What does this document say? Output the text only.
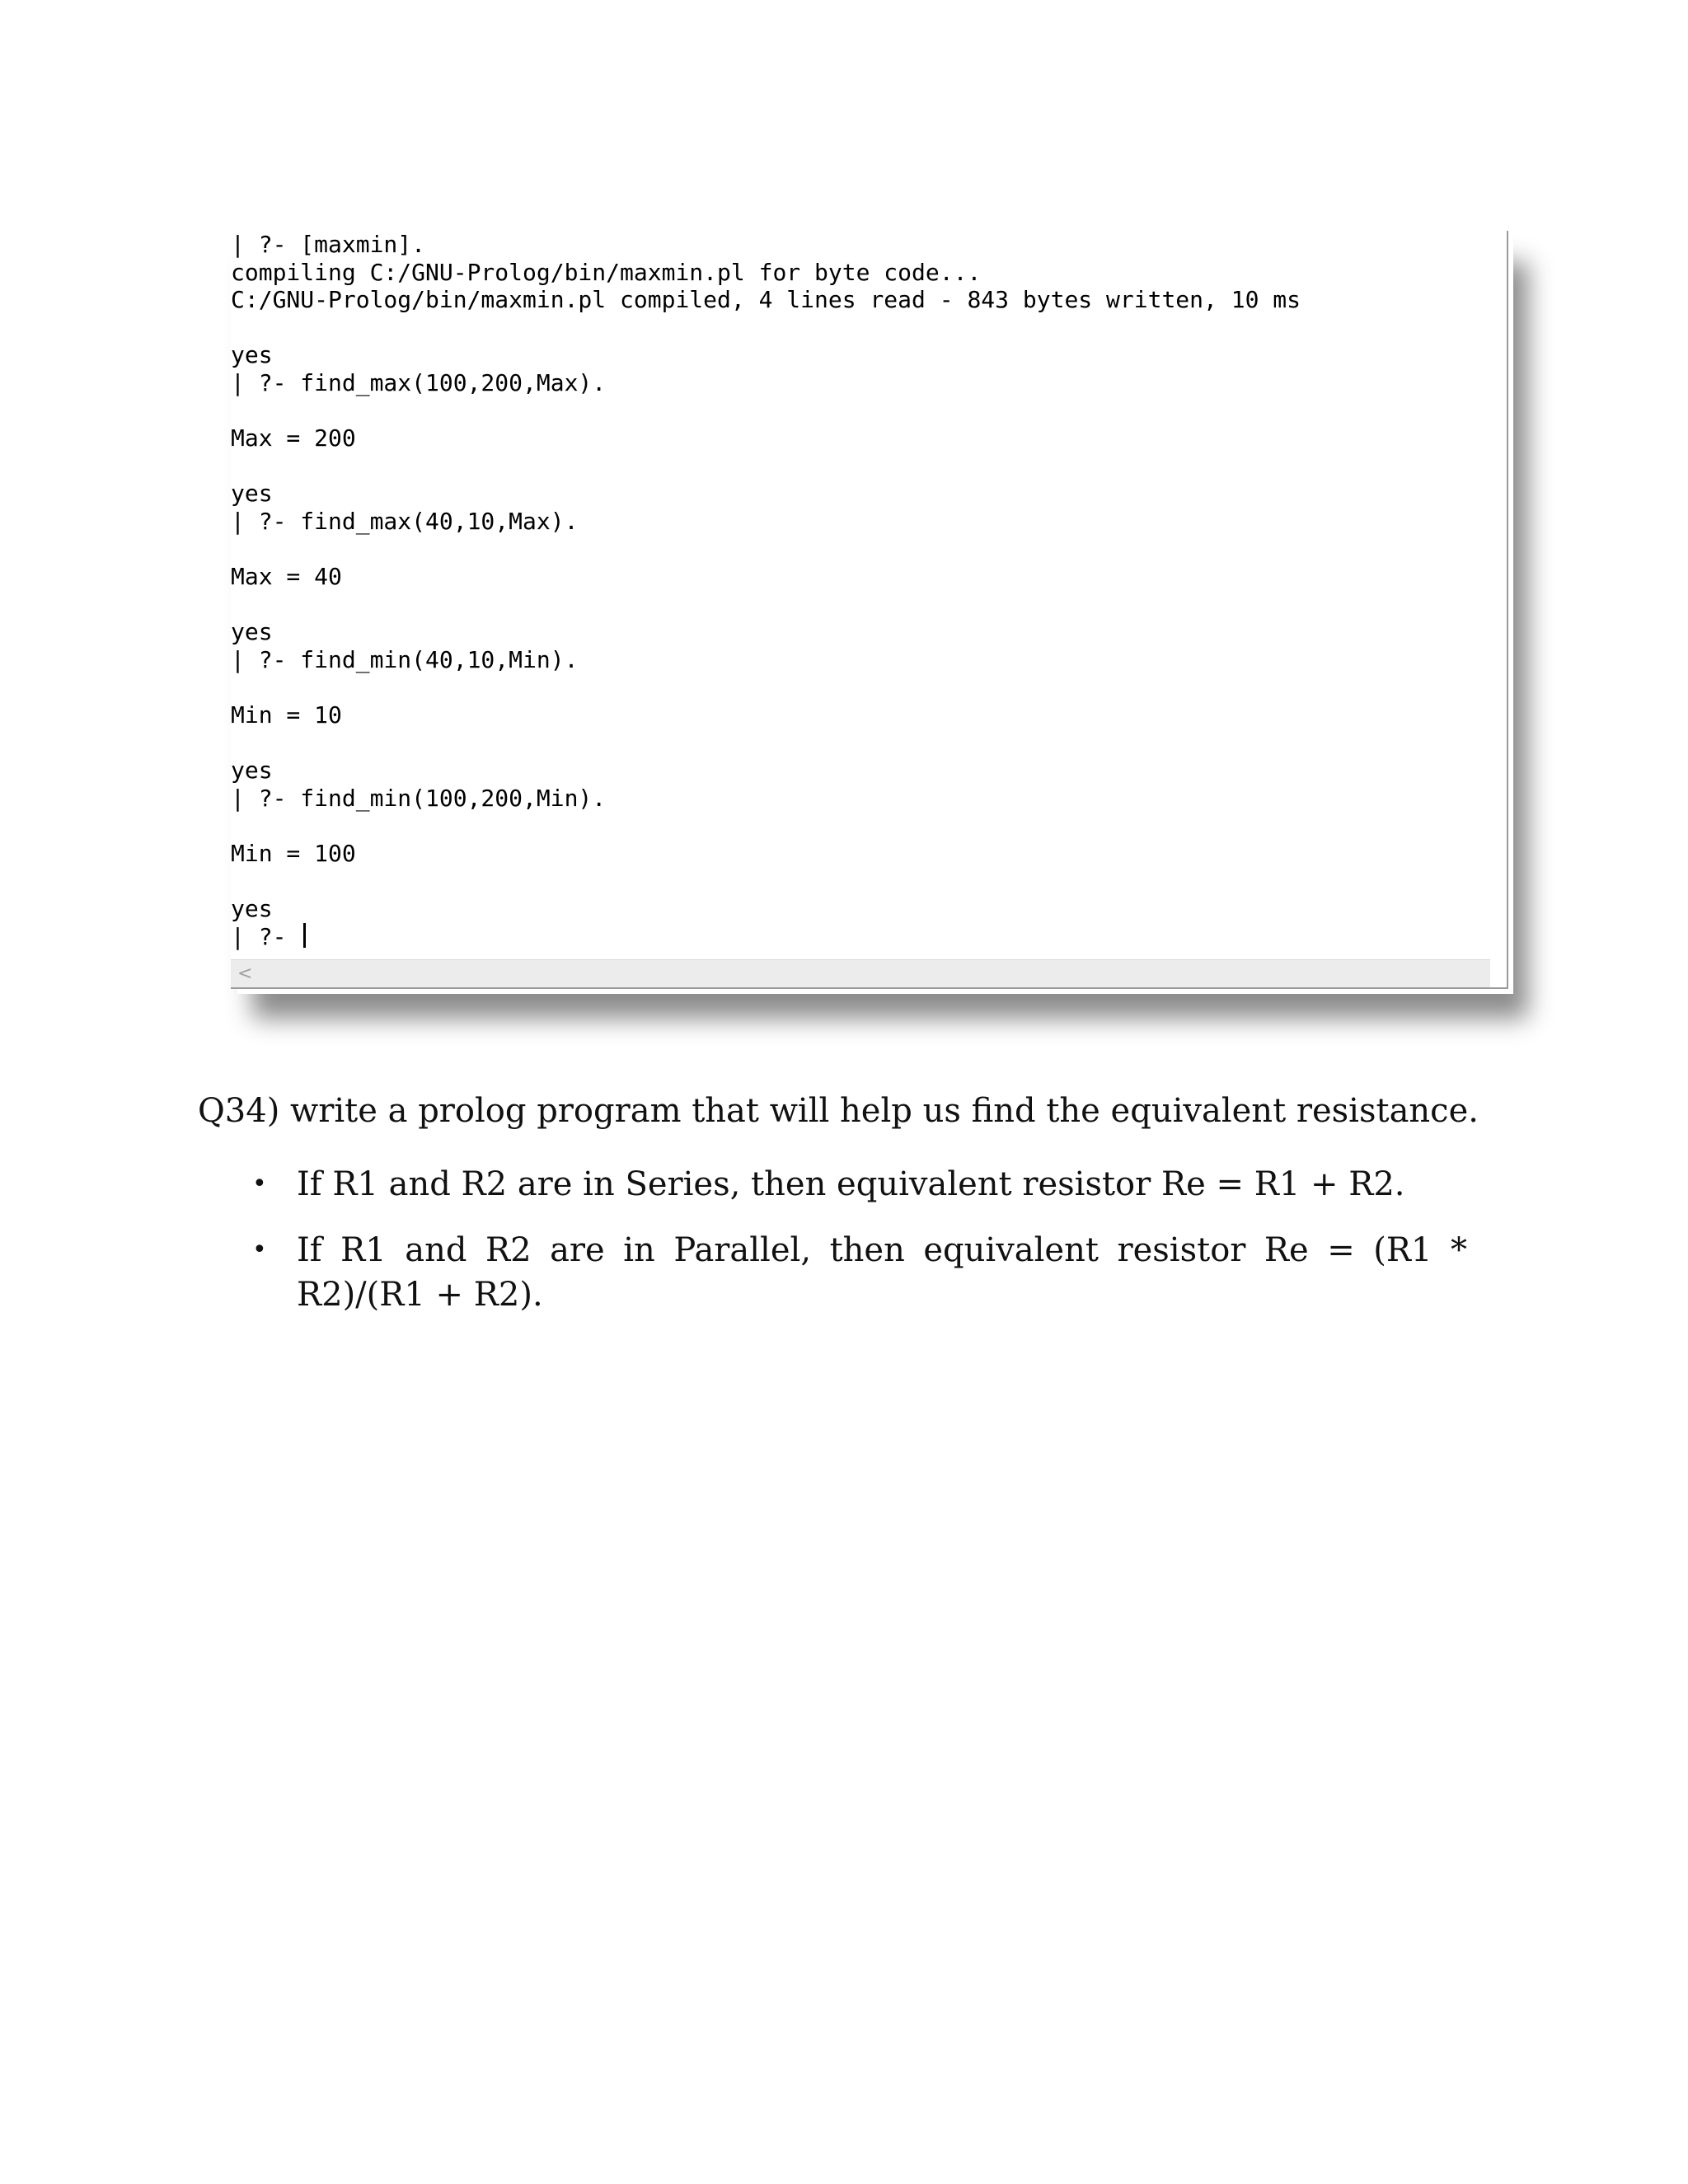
| ?- [maxmin].
compiling C:/GNU-Prolog/bin/maxmin.pl for byte code...
C:/GNU-Prolog/bin/maxmin.pl compiled, 4 lines read - 843 bytes written, 10 ms
yes
| ?- find_max(100,200,Max).
Max = 200
yes
| ?- find_max(40,10,Max).
Max = 40
yes
| ?- find_min(40,10,Min).
Min = 10
yes
| ?- find_min(100,200,Min).
Min = 100
yes
| ?-
<

Q34) write a prolog program that will help us find the equivalent resistance.

• If R1 and R2 are in Series, then equivalent resistor Re = R1 + R2.
• If R1 and R2 are in Parallel, then equivalent resistor Re = (R1 * R2)/(R1 + R2).
